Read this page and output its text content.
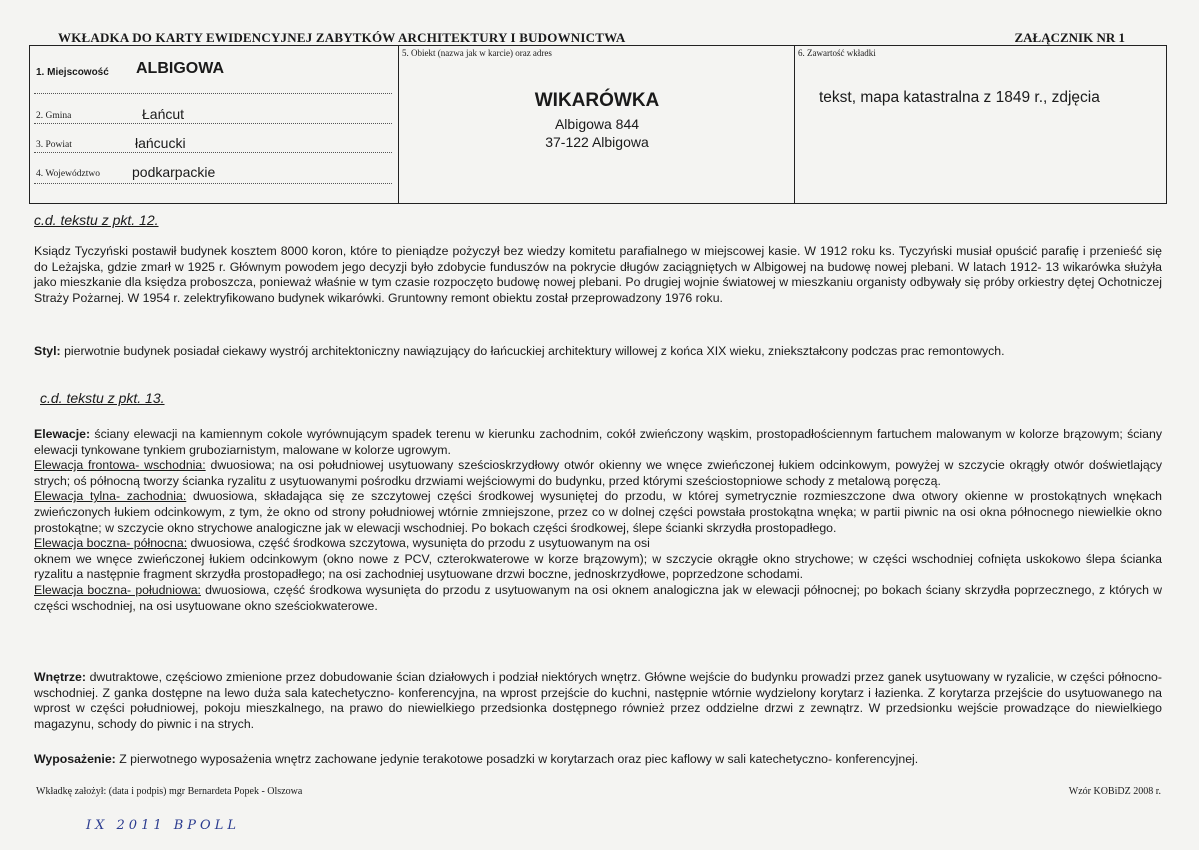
WKŁADKA DO KARTY EWIDENCYJNEJ ZABYTKÓW ARCHITEKTURY I BUDOWNICTWA	ZAŁĄCZNIK NR 1
1. Miejscowość ALBIGOWA
2. Gmina	Łańcut
3. Powiat	łańcucki
4. Województwo podkarpackie
5. Obiekt (nazwa jak w karcie) oraz adres
WIKARÓWKA
Albigowa 844
37-122 Albigowa
6. Zawartość wkładki
tekst, mapa katastralna z 1849 r., zdjęcia
c.d. tekstu z pkt. 12.

Ksiądz Tyczyński postawił budynek kosztem 8000 koron, które to pieniądze pożyczył bez wiedzy komitetu parafialnego w miejscowej kasie. W 1912 roku ks. Tyczyński musiał opuścić parafię i przenieść się do Leżajska, gdzie zmarł w 1925 r. Głównym powodem jego decyzji było zdobycie funduszów na pokrycie długów zaciągniętych w Albigowej na budowę nowej plebani. W latach 1912- 13 wikarówka służyła jako mieszkanie dla księdza proboszcza, ponieważ właśnie w tym czasie rozpoczęto budowę nowej plebani. Po drugiej wojnie światowej w mieszkaniu organisty odbywały się próby orkiestry dętej Ochotniczej Straży Pożarnej. W 1954 r. zelektryfikowano budynek wikarówki. Gruntowny remont obiektu został przeprowadzony 1976 roku.

Styl: pierwotnie budynek posiadał ciekawy wystrój architektoniczny nawiązujący do łańcuckiej architektury willowej z końca XIX wieku, zniekształcony podczas prac remontowych.

c.d. tekstu z pkt. 13.

Elewacje: ściany elewacji na kamiennym cokole wyrównującym spadek terenu w kierunku zachodnim, cokół zwieńczony wąskim, prostopadłościennym fartuchem malowanym w kolorze brązowym; ściany elewacji tynkowane tynkiem gruboziarnistym, malowane w kolorze ugrowym.

Elewacja frontowa- wschodnia: dwuosiowa; na osi południowej usytuowany sześcioskrzydłowy otwór okienny we wnęce zwieńczonej łukiem odcinkowym, powyżej w szczycie okrągły otwór doświetlający strych; oś północną tworzy ścianka ryzalitu z usytuowanymi pośrodku drzwiami wejściowymi do budynku, przed którymi sześciostopniowe schody z metalową poręczą.

Elewacja tylna- zachodnia: dwuosiowa, składająca się ze szczytowej części środkowej wysuniętej do przodu, w której symetrycznie rozmieszczone dwa otwory okienne w prostokątnych wnękach zwieńczonych łukiem odcinkowym, z tym, że okno od strony południowej wtórnie zmniejszone, przez co w dolnej części powstała prostokątna wnęka; w partii piwnic na osi okna północnego niewielkie okno prostokątne; w szczycie okno strychowe analogiczne jak w elewacji wschodniej. Po bokach części środkowej, ślepe ścianki skrzydła prostopadłego.

Elewacja boczna- północna: dwuosiowa, część środkowa szczytowa, wysunięta do przodu z usytuowanym na osi

oknem we wnęce zwieńczonej łukiem odcinkowym (okno nowe z PCV, czterokwaterowe w korze brązowym); w szczycie okrągłe okno strychowe; w części wschodniej cofnięta uskokowo ślepa ścianka ryzalitu a następnie fragment skrzydła prostopadłego; na osi zachodniej usytuowane drzwi boczne, jednoskrzydłowe, poprzedzone schodami.

Elewacja boczna- południowa: dwuosiowa, część środkowa wysunięta do przodu z usytuowanym na osi oknem analogiczna jak w elewacji północnej; po bokach ściany skrzydła poprzecznego, z których w części wschodniej, na osi usytuowane okno sześciokwaterowe.

Wnętrze: dwutraktowe, częściowo zmienione przez dobudowanie ścian działowych i podział niektórych wnętrz. Główne wejście do budynku prowadzi przez ganek usytuowany w ryzalicie, w części północno- wschodniej. Z ganka dostępne na lewo duża sala katechetyczno- konferencyjna, na wprost przejście do kuchni, następnie wtórnie wydzielony korytarz i łazienka. Z korytarza przejście do usytuowanego na wprost w części południowej, pokoju mieszkalnego, na prawo do niewielkiego przedsionka dostępnego również przez oddzielne drzwi z zewnątrz. W przedsionku wejście prowadzące do niewielkiego magazynu, schody do piwnic i na strych.

Wyposażenie: Z pierwotnego wyposażenia wnętrz zachowane jedynie terakotowe posadzki w korytarzach oraz piec kaflowy w sali katechetyczno- konferencyjnej.

Wkładkę założył: (data i podpis) mgr Bernardeta Popek - Olszowa	Wzór KOBiDZ 2008 r.
IX 2011 BPOLL
